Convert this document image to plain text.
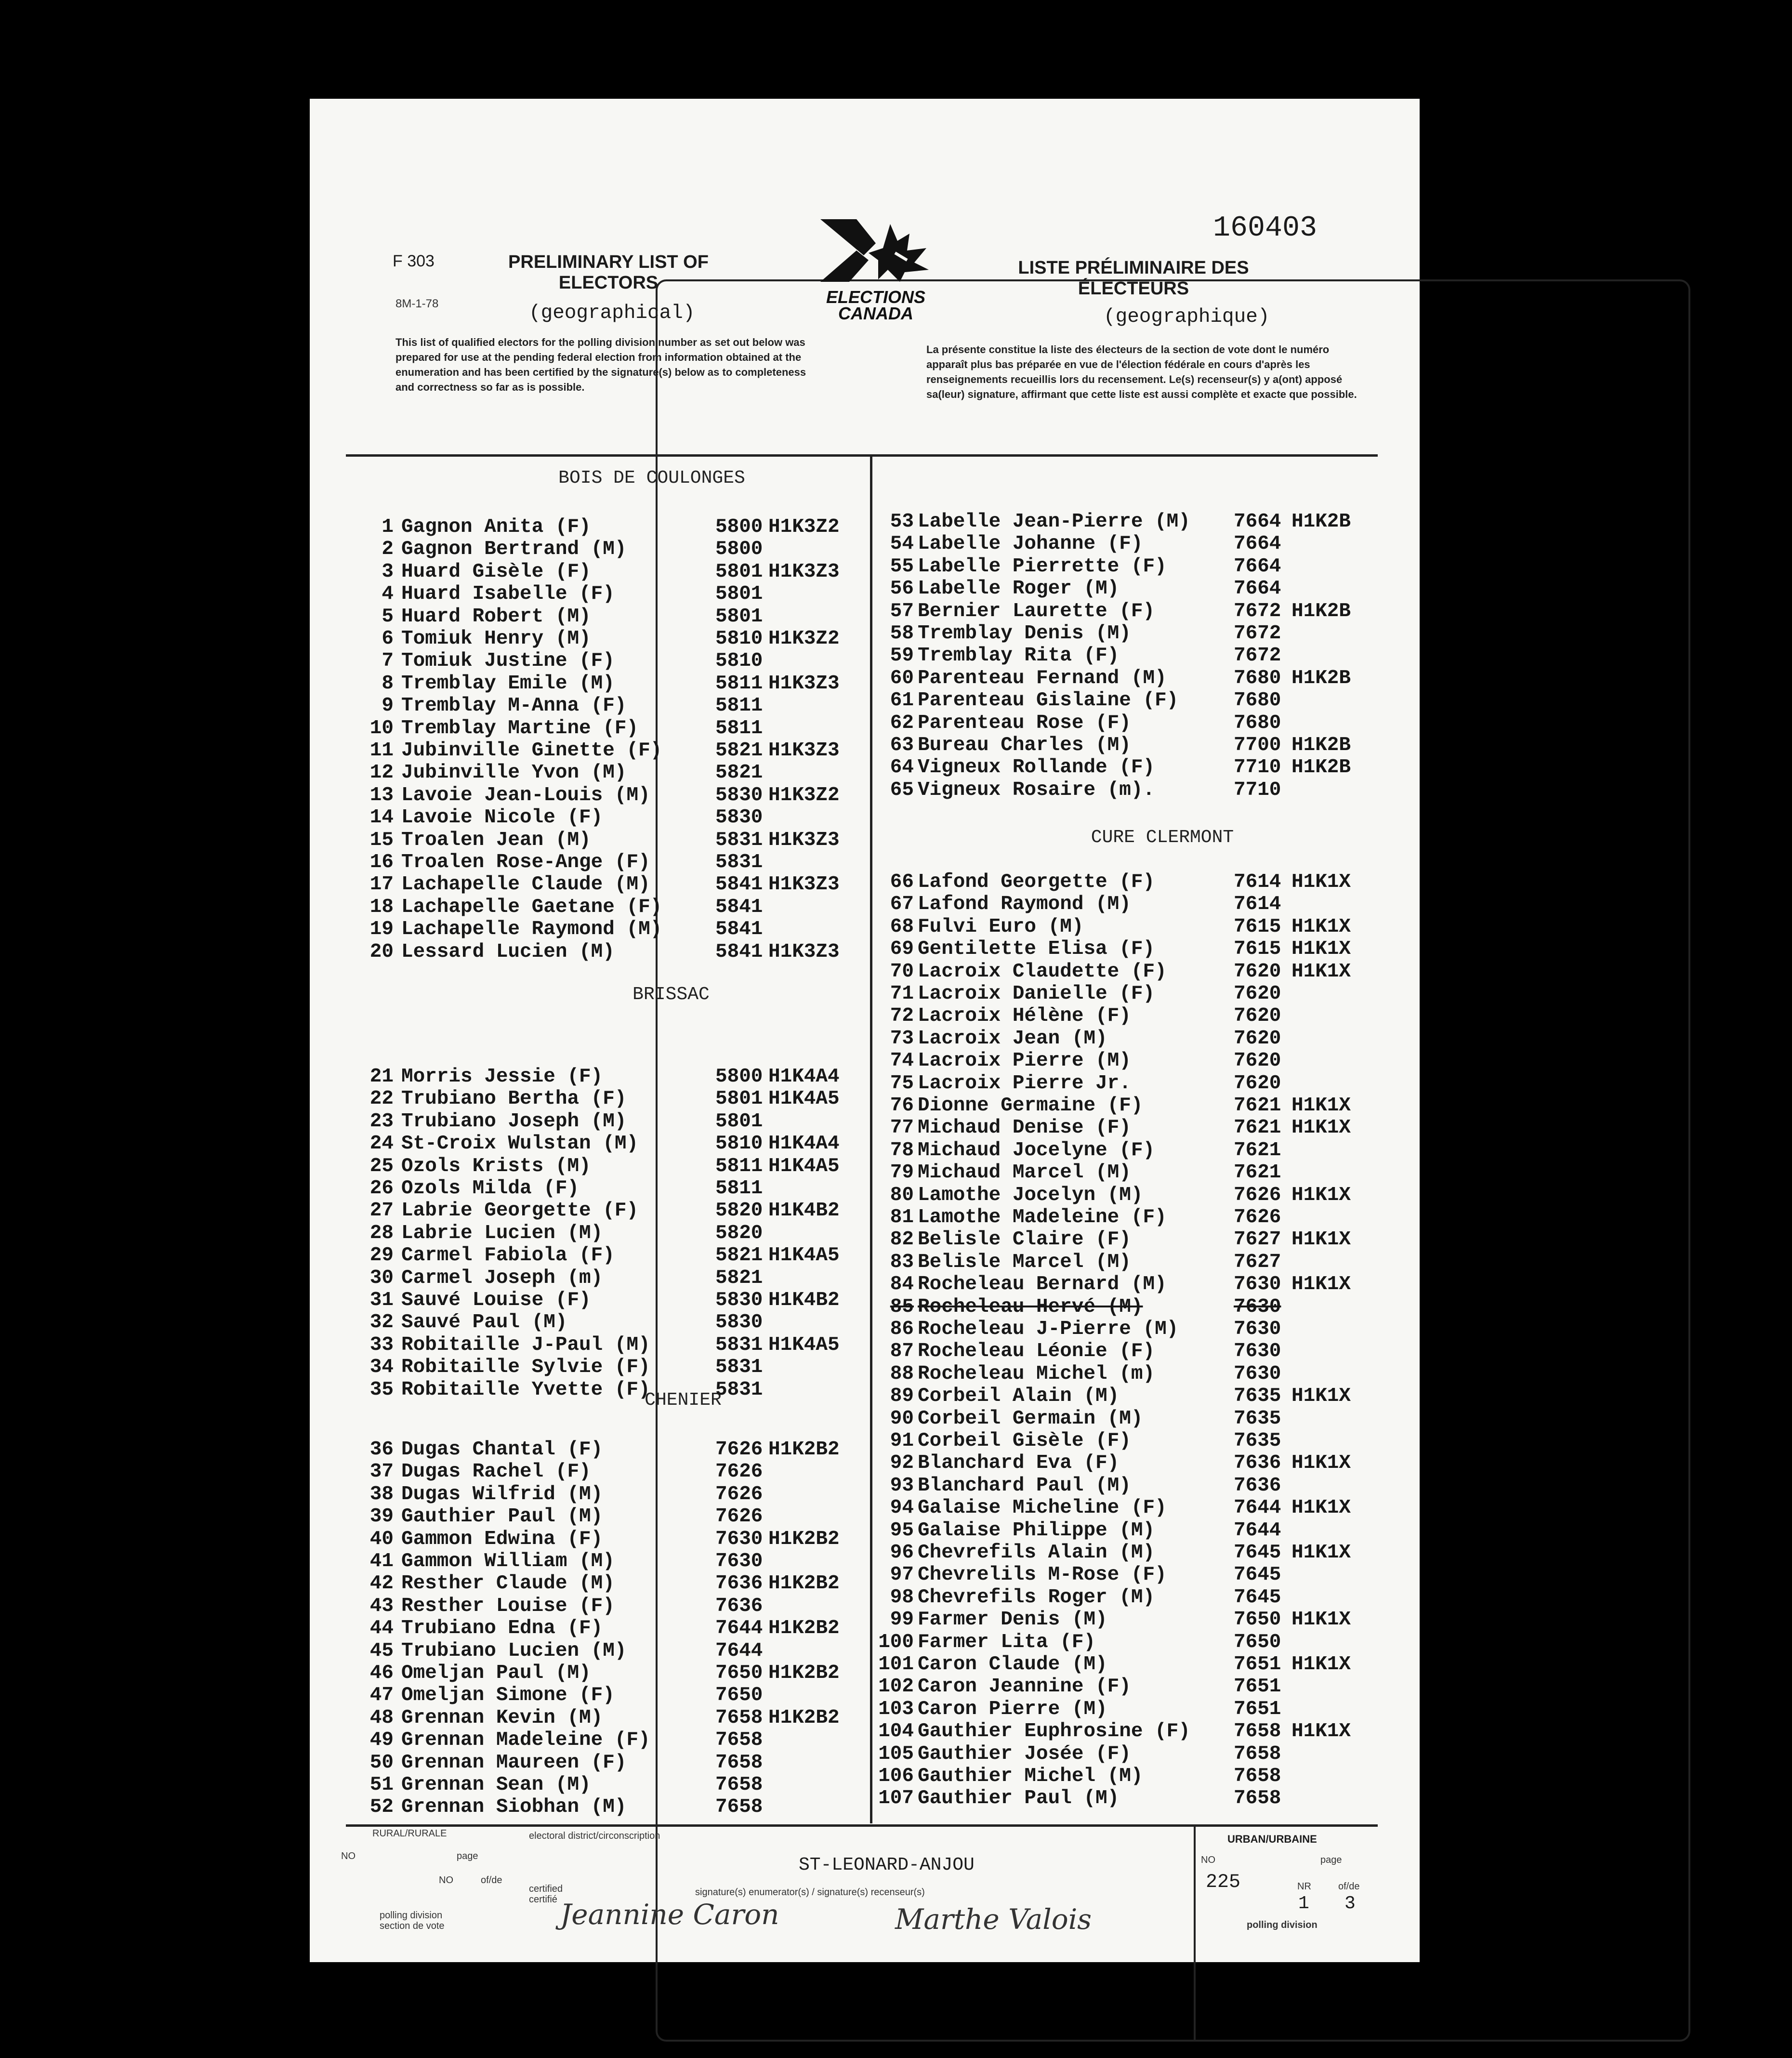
F 303
8M-1-78
PRELIMINARY LIST OF
ELECTORS
(geographical)
ELECTIONS
CANADA
160403
LISTE PRÉLIMINAIRE DES
ÉLECTEURS
(geographique)
This list of qualified electors for the polling division number as set out below was prepared for use at the pending federal election from information obtained at the enumeration and has been certified by the signature(s) below as to completeness and correctness so far as is possible.
La présente constitue la liste des électeurs de la section de vote dont le numéro apparaît plus bas préparée en vue de l'élection fédérale en cours d'après les renseignements recueillis lors du recensement. Le(s) recenseur(s) y a(ont) apposé sa(leur) signature, affirmant que cette liste est aussi complète et exacte que possible.
BOIS DE COULONGES
BRISSAC
CHENIER
CURE CLERMONT
1 Gagnon Anita (F)	5800 H1K3Z2
2 Gagnon Bertrand (M)	5800
3 Huard Gisèle (F)	5801 H1K3Z3
4 Huard Isabelle (F)	5801
5 Huard Robert (M)	5801
6 Tomiuk Henry (M)	5810 H1K3Z2
7 Tomiuk Justine (F)	5810
8 Tremblay Emile (M)	5811 H1K3Z3
9 Tremblay M-Anna (F)	5811
10 Tremblay Martine (F)	5811
11 Jubinville Ginette (F)	5821 H1K3Z3
12 Jubinville Yvon (M)	5821
13 Lavoie Jean-Louis (M)	5830 H1K3Z2
14 Lavoie Nicole (F)	5830
15 Troalen Jean (M)	5831 H1K3Z3
16 Troalen Rose-Ange (F)	5831
17 Lachapelle Claude (M)	5841 H1K3Z3
18 Lachapelle Gaetane (F)	5841
19 Lachapelle Raymond (M)	5841
20 Lessard Lucien (M)	5841 H1K3Z3
21 Morris Jessie (F)	5800 H1K4A4
22 Trubiano Bertha (F)	5801 H1K4A5
23 Trubiano Joseph (M)	5801
24 St-Croix Wulstan (M)	5810 H1K4A4
25 Ozols Krists (M)	5811 H1K4A5
26 Ozols Milda (F)	5811
27 Labrie Georgette (F)	5820 H1K4B2
28 Labrie Lucien (M)	5820
29 Carmel Fabiola (F)	5821 H1K4A5
30 Carmel Joseph (m)	5821
31 Sauvé Louise (F)	5830 H1K4B2
32 Sauvé Paul (M)	5830
33 Robitaille J-Paul (M)	5831 H1K4A5
34 Robitaille Sylvie (F)	5831
35 Robitaille Yvette (F)	5831
36 Dugas Chantal (F)	7626 H1K2B2
37 Dugas Rachel (F)	7626
38 Dugas Wilfrid (M)	7626
39 Gauthier Paul (M)	7626
40 Gammon Edwina (F)	7630 H1K2B2
41 Gammon William (M)	7630
42 Resther Claude (M)	7636 H1K2B2
43 Resther Louise (F)	7636
44 Trubiano Edna (F)	7644 H1K2B2
45 Trubiano Lucien (M)	7644
46 Omeljan Paul (M)	7650 H1K2B2
47 Omeljan Simone (F)	7650
48 Grennan Kevin (M)	7658 H1K2B2
49 Grennan Madeleine (F)	7658
50 Grennan Maureen (F)	7658
51 Grennan Sean (M)	7658
52 Grennan Siobhan (M)	7658
53 Labelle Jean-Pierre (M) 7664 H1K2B
54 Labelle Johanne (F)	7664
55 Labelle Pierrette (F)	7664
56 Labelle Roger (M)	7664
57 Bernier Laurette (F)	7672 H1K2B
58 Tremblay Denis (M)	7672
59 Tremblay Rita (F)	7672
60 Parenteau Fernand (M)	7680 H1K2B
61 Parenteau Gislaine (F)	7680
62 Parenteau Rose (F)	7680
63 Bureau Charles (M)	7700 H1K2B
64 Vigneux Rollande (F)	7710 H1K2B
65 Vigneux Rosaire (m).	7710
66 Lafond Georgette (F)	7614 H1K1X
67 Lafond Raymond (M)	7614
68 Fulvi Euro (M)	7615 H1K1X
69 Gentilette Elisa (F)	7615 H1K1X
70 Lacroix Claudette (F)	7620 H1K1X
71 Lacroix Danielle (F)	7620
72 Lacroix Hélène (F)	7620
73 Lacroix Jean (M)	7620
74 Lacroix Pierre (M)	7620
75 Lacroix Pierre Jr.	7620
76 Dionne Germaine (F)	7621 H1K1X
77 Michaud Denise (F)	7621 H1K1X
78 Michaud Jocelyne (F)	7621
79 Michaud Marcel (M)	7621
80 Lamothe Jocelyn (M)	7626 H1K1X
81 Lamothe Madeleine (F)	7626
82 Belisle Claire (F)	7627 H1K1X
83 Belisle Marcel (M)	7627
84 Rocheleau Bernard (M)	7630 H1K1X
85 Rocheleau Hervé (M)	7630
86 Rocheleau J-Pierre (M)	7630
87 Rocheleau Léonie (F)	7630
88 Rocheleau Michel (m)	7630
89 Corbeil Alain (M)	7635 H1K1X
90 Corbeil Germain (M)	7635
91 Corbeil Gisèle (F)	7635
92 Blanchard Eva (F)	7636 H1K1X
93 Blanchard Paul (M)	7636
94 Galaise Micheline (F)	7644 H1K1X
95 Galaise Philippe (M)	7644
96 Chevrefils Alain (M)	7645 H1K1X
97 Chevrelils M-Rose (F)	7645
98 Chevrefils Roger (M)	7645
99 Farmer Denis (M)	7650 H1K1X
100 Farmer Lita (F)	7650
101 Caron Claude (M)	7651 H1K1X
102 Caron Jeannine (F)	7651
103 Caron Pierre (M)	7651
104 Gauthier Euphrosine (F) 7658 H1K1X
105 Gauthier Josée (F)	7658
106 Gauthier Michel (M)	7658
107 Gauthier Paul (M)	7658
RURAL/RURALE
NO	page
NO	of/de
polling division section de vote
electoral district/circonscription
ST-LEONARD-ANJOU
certified certifié
signature(s) enumerator(s) / signature(s) recenseur(s)
Jeannine Caron	Marthe Valois
URBAN/URBAINE
NO
225
page
NR
1
of/de
3
polling division
